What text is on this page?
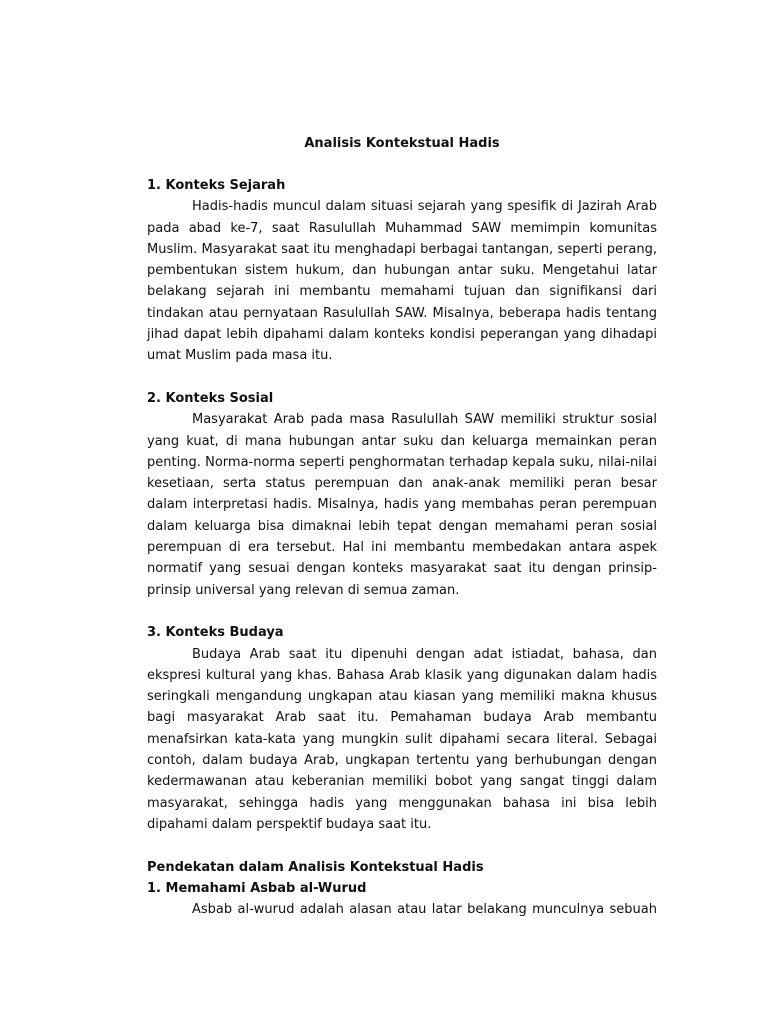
Analisis Kontekstual Hadis

1. Konteks Sejarah

Hadis-hadis muncul dalam situasi sejarah yang spesifik di Jazirah Arab pada abad ke-7, saat Rasulullah Muhammad SAW memimpin komunitas Muslim. Masyarakat saat itu menghadapi berbagai tantangan, seperti perang, pembentukan sistem hukum, dan hubungan antar suku. Mengetahui latar belakang sejarah ini membantu memahami tujuan dan signifikansi dari tindakan atau pernyataan Rasulullah SAW. Misalnya, beberapa hadis tentang jihad dapat lebih dipahami dalam konteks kondisi peperangan yang dihadapi umat Muslim pada masa itu.

2. Konteks Sosial

Masyarakat Arab pada masa Rasulullah SAW memiliki struktur sosial yang kuat, di mana hubungan antar suku dan keluarga memainkan peran penting. Norma-norma seperti penghormatan terhadap kepala suku, nilai-nilai kesetiaan, serta status perempuan dan anak-anak memiliki peran besar dalam interpretasi hadis. Misalnya, hadis yang membahas peran perempuan dalam keluarga bisa dimaknai lebih tepat dengan memahami peran sosial perempuan di era tersebut. Hal ini membantu membedakan antara aspek normatif yang sesuai dengan konteks masyarakat saat itu dengan prinsip-prinsip universal yang relevan di semua zaman.

3. Konteks Budaya

Budaya Arab saat itu dipenuhi dengan adat istiadat, bahasa, dan ekspresi kultural yang khas. Bahasa Arab klasik yang digunakan dalam hadis seringkali mengandung ungkapan atau kiasan yang memiliki makna khusus bagi masyarakat Arab saat itu. Pemahaman budaya Arab membantu menafsirkan kata-kata yang mungkin sulit dipahami secara literal. Sebagai contoh, dalam budaya Arab, ungkapan tertentu yang berhubungan dengan kedermawanan atau keberanian memiliki bobot yang sangat tinggi dalam masyarakat, sehingga hadis yang menggunakan bahasa ini bisa lebih dipahami dalam perspektif budaya saat itu.

Pendekatan dalam Analisis Kontekstual Hadis

1. Memahami Asbab al-Wurud

Asbab al-wurud adalah alasan atau latar belakang munculnya sebuah
